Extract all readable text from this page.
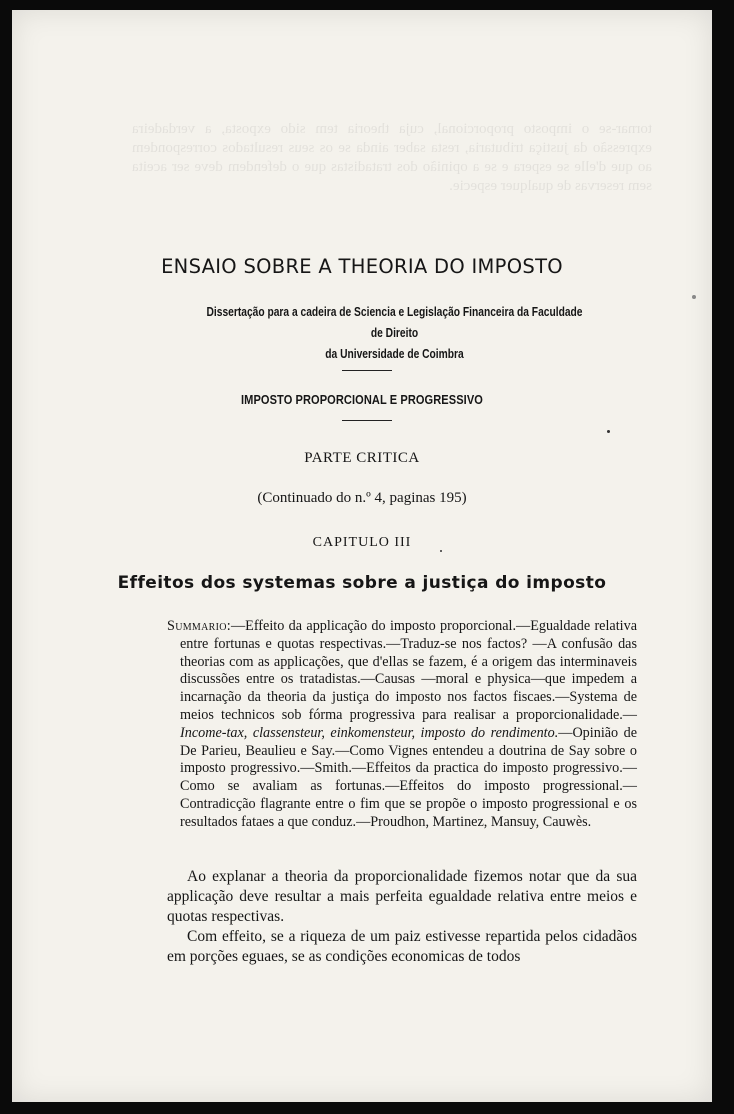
tornar-se o imposto proporcional, cuja theoria tem sido exposta, a verdadeira expressão da justiça tributaria, resta saber ainda se os seus resultados correspondem ao que d'elle se espera e se a opinião dos tratadistas que o defendem deve ser aceita sem reservas de qualquer especie.
ENSAIO SOBRE A THEORIA DO IMPOSTO
Dissertação para a cadeira de Sciencia e Legislação Financeira da Faculdade de Direito
da Universidade de Coimbra
IMPOSTO PROPORCIONAL E PROGRESSIVO
PARTE CRITICA
(Continuado do n.º 4, paginas 195)
CAPITULO III
Effeitos dos systemas sobre a justiça do imposto

Summario:—Effeito da applicação do imposto proporcional.—Egualdade relativa entre fortunas e quotas respectivas.—Traduz-se nos factos? —A confusão das theorias com as applicações, que d'ellas se fazem, é a origem das interminaveis discussões entre os tratadistas.—Causas —moral e physica—que impedem a incarnação da theoria da justiça do imposto nos factos fiscaes.—Systema de meios technicos sob fórma progressiva para realisar a proporcionalidade.—Income-tax, classensteur, einkomensteur, imposto do rendimento.—Opinião de De Parieu, Beaulieu e Say.—Como Vignes entendeu a doutrina de Say sobre o imposto progressivo.—Smith.—Effeitos da practica do imposto progressivo.—Como se avaliam as fortunas.—Effeitos do imposto progressional.—Contradicção flagrante entre o fim que se propõe o imposto progressional e os resultados fataes a que conduz.—Proudhon, Martinez, Mansuy, Cauwès.

Ao explanar a theoria da proporcionalidade fizemos notar que da sua applicação deve resultar a mais perfeita egualdade relativa entre meios e quotas respectivas.

Com effeito, se a riqueza de um paiz estivesse repartida pelos cidadãos em porções eguaes, se as condições economicas de todos
